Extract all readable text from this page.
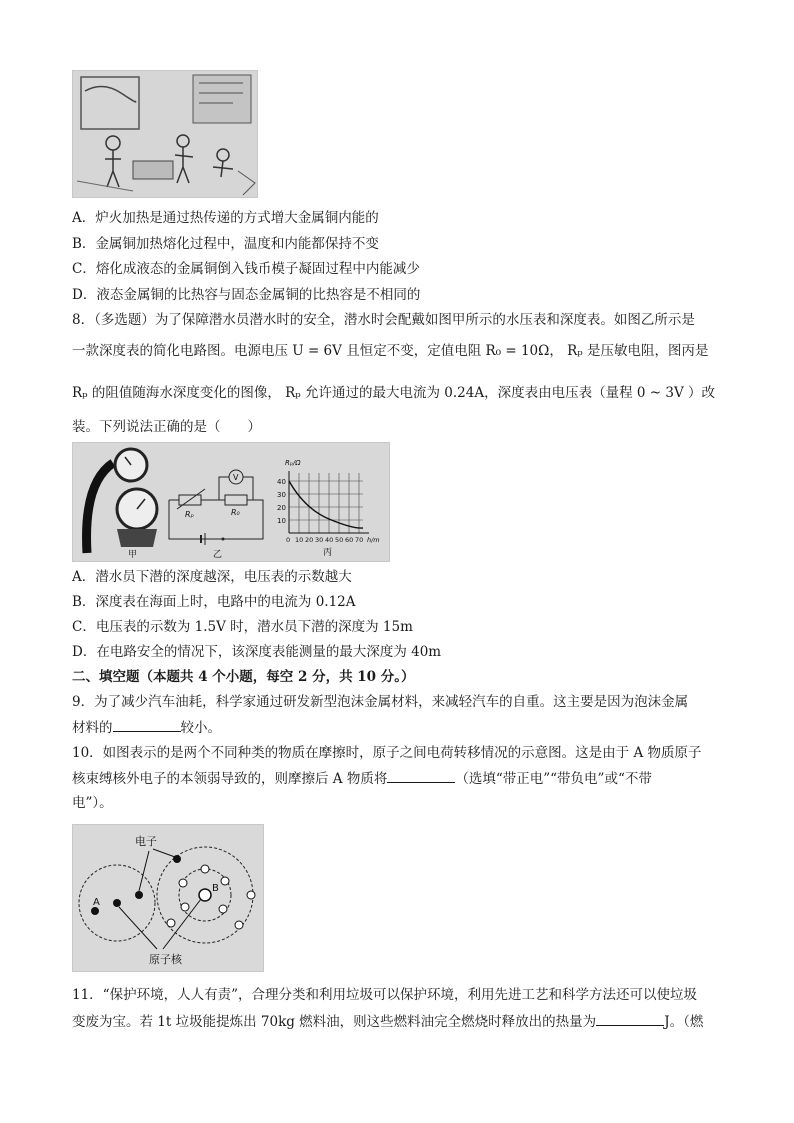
A．炉火加热是通过热传递的方式增大金属铜内能的
B．金属铜加热熔化过程中，温度和内能都保持不变
C．熔化成液态的金属铜倒入钱币模子凝固过程中内能减少
D．液态金属铜的比热容与固态金属铜的比热容是不相同的
8．（多选题）为了保障潜水员潜水时的安全，潜水时会配戴如图甲所示的水压表和深度表。如图乙所示是
一款深度表的简化电路图。电源电压 U = 6V 且恒定不变，定值电阻 R₀ = 10Ω， Rₚ 是压敏电阻，图丙是
Rₚ 的阻值随海水深度变化的图像， Rₚ 允许通过的最大电流为 0.24A，深度表由电压表（量程 0 ~ 3V ）改
装。下列说法正确的是（　　）
甲
V
Rₚ	R₀
乙
Rₚ/Ω
40
30
20
10
0 10 20 30 40 50 60 70 h/m
丙
A．潜水员下潜的深度越深，电压表的示数越大
B．深度表在海面上时，电路中的电流为 0.12A
C．电压表的示数为 1.5V 时，潜水员下潜的深度为 15m
D．在电路安全的情况下，该深度表能测量的最大深度为 40m
二、填空题（本题共 4 个小题，每空 2 分，共 10 分。）
9．为了减少汽车油耗，科学家通过研发新型泡沫金属材料，来减轻汽车的自重。这主要是因为泡沫金属
材料的	较小。
10．如图表示的是两个不同种类的物质在摩擦时，原子之间电荷转移情况的示意图。这是由于 A 物质原子
核束缚核外电子的本领弱导致的，则摩擦后 A 物质将	（选填“带正电”“带负电”或“不带
电”）。
A
B
电子
原子核
11．“保护环境，人人有责”，合理分类和利用垃圾可以保护环境，利用先进工艺和科学方法还可以使垃圾
变废为宝。若 1t 垃圾能提炼出 70kg 燃料油，则这些燃料油完全燃烧时释放出的热量为	J。（燃
